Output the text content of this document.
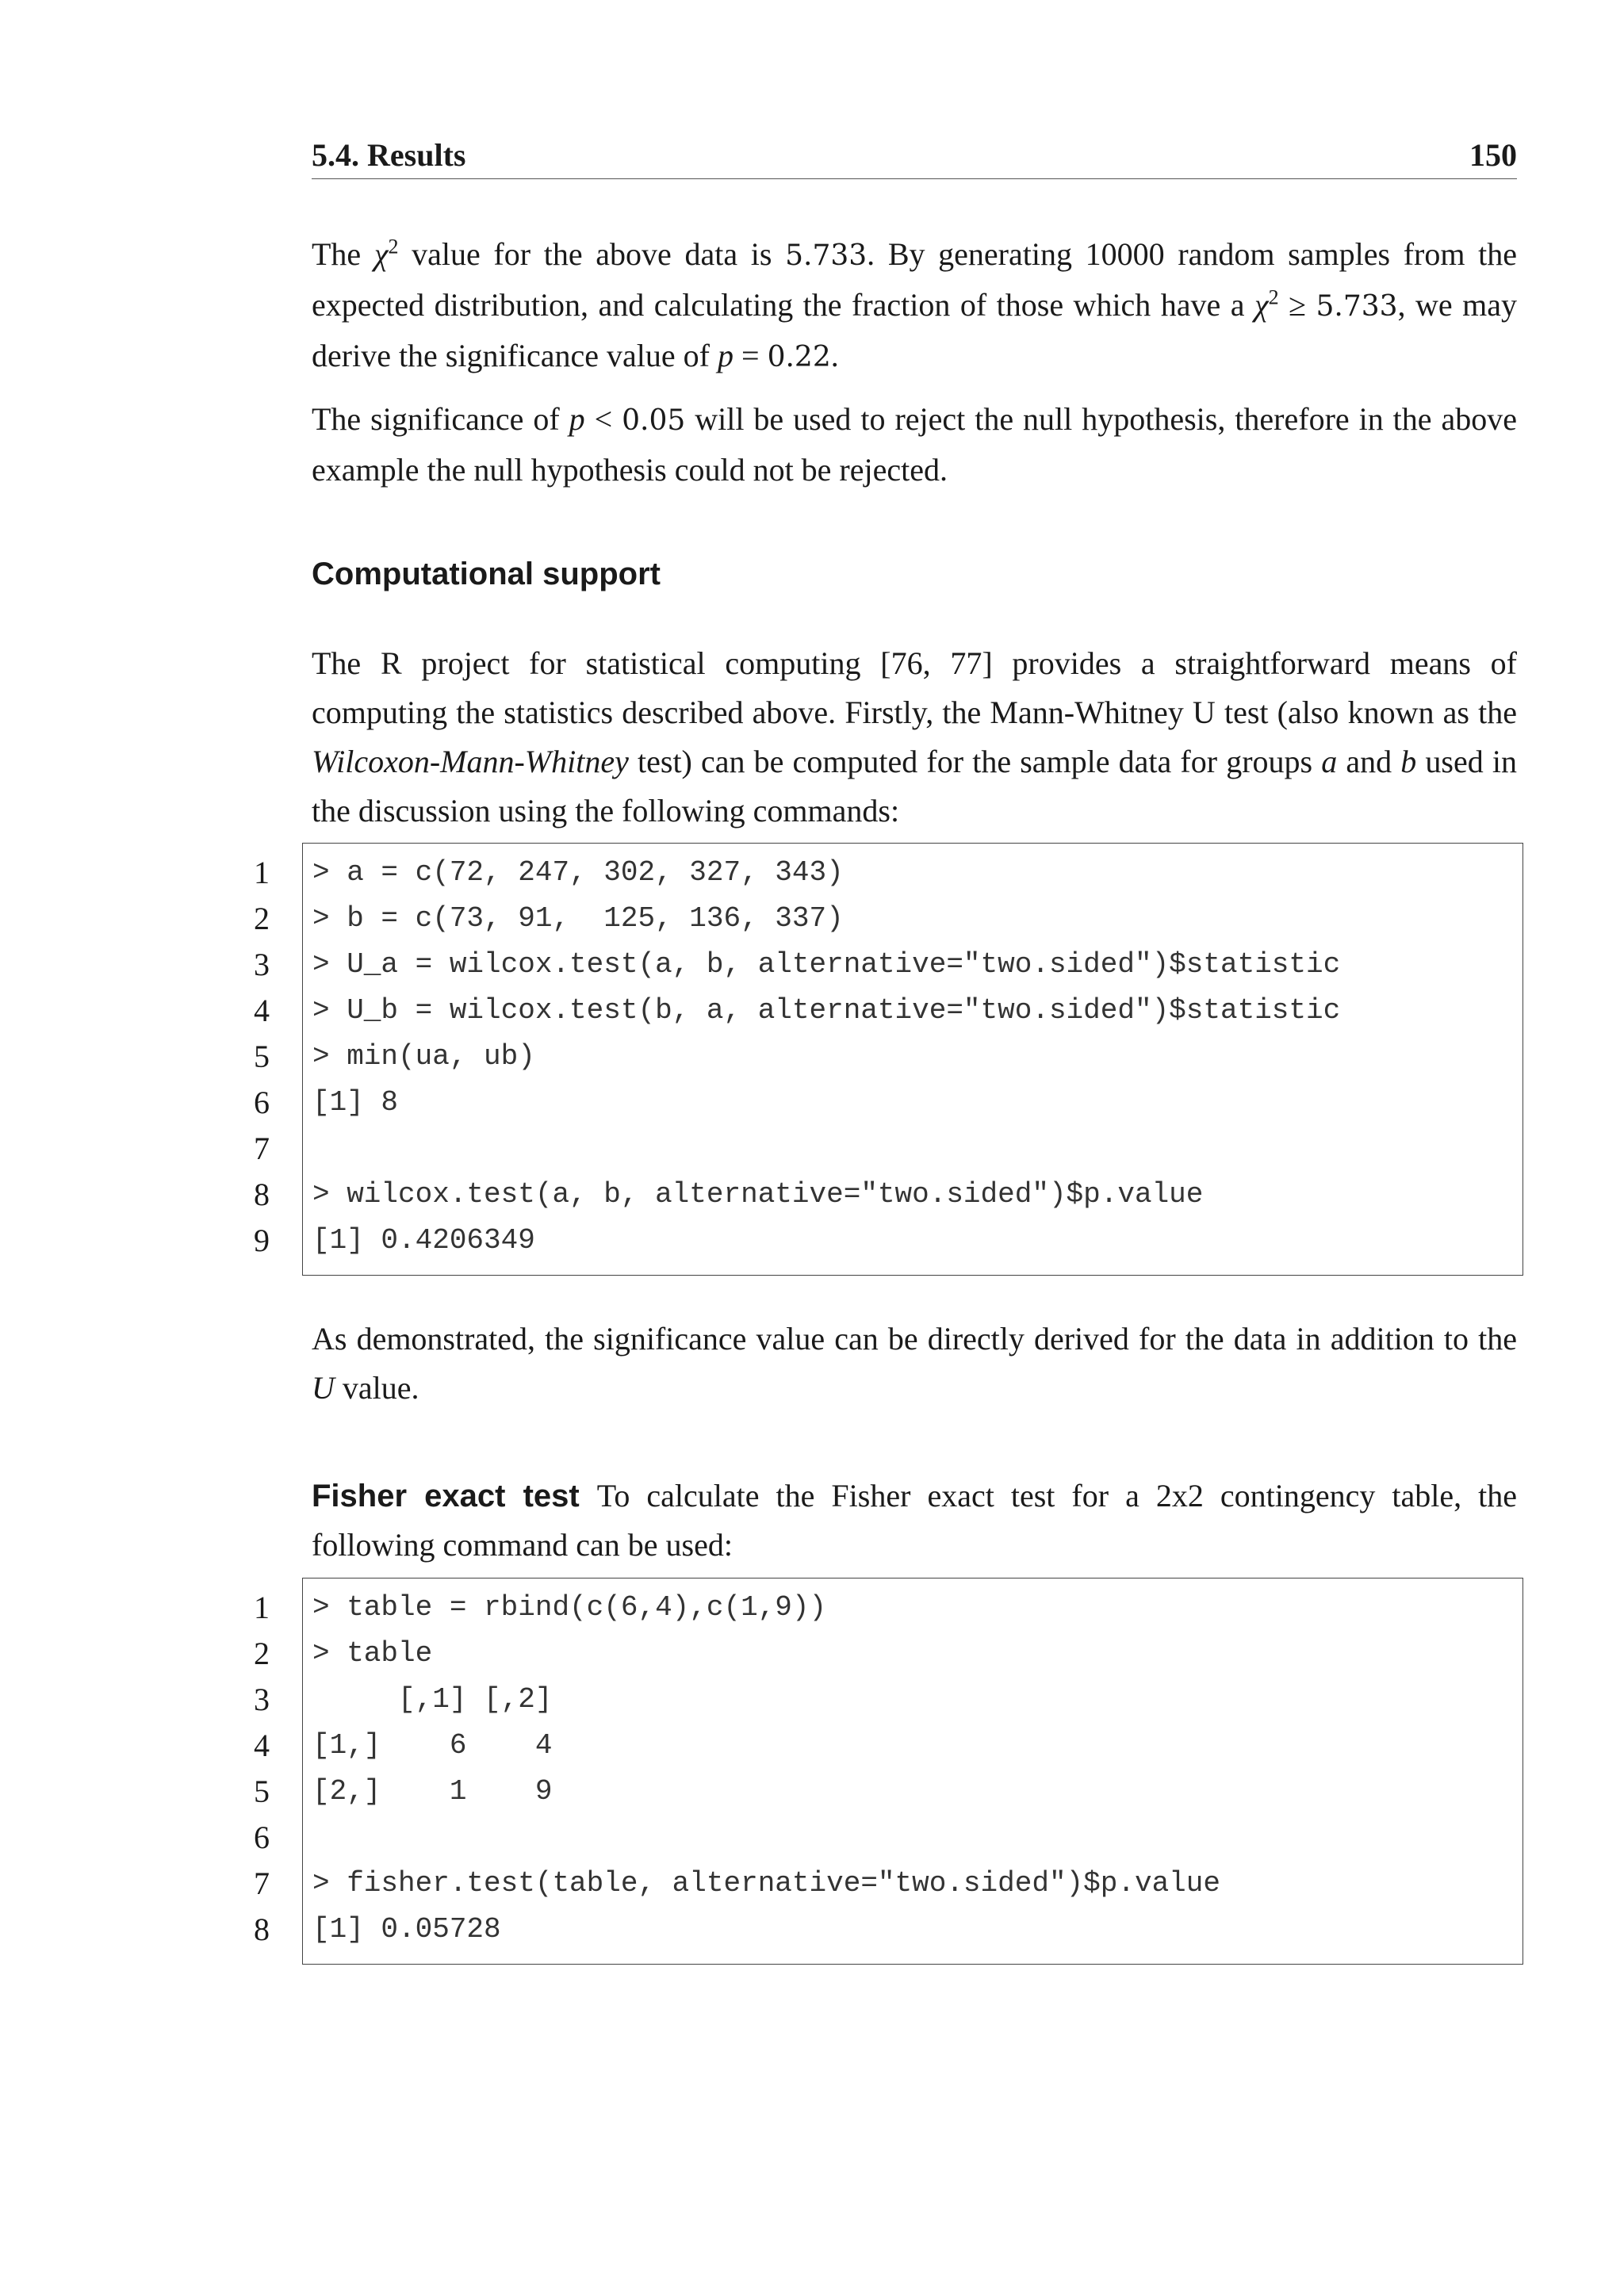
5.4. Results	150

The $\chi^2$ value for the above data is 5.733. By generating 10000 random samples from the expected distribution, and calculating the fraction of those which have a $\chi^2 \ge 5.733$, we may derive the significance value of p = 0.22.

The significance of p < 0.05 will be used to reject the null hypothesis, therefore in the above example the null hypothesis could not be rejected.

Computational support

The R project for statistical computing [76, 77] provides a straightforward means of computing the statistics described above. Firstly, the Mann-Whitney U test (also known as the Wilcoxon-Mann-Whitney test) can be computed for the sample data for groups a and b used in the discussion using the following commands:

1 > a = c(72, 247, 302, 327, 343)
2 > b = c(73, 91,  125, 136, 337)
3 > U_a = wilcox.test(a, b, alternative="two.sided")$statistic
4 > U_b = wilcox.test(b, a, alternative="two.sided")$statistic
5 > min(ua, ub)
6 [1] 8
7
8 > wilcox.test(a, b, alternative="two.sided")$p.value
9 [1] 0.4206349

As demonstrated, the significance value can be directly derived for the data in addition to the U value.

Fisher exact test To calculate the Fisher exact test for a 2x2 contingency table, the following command can be used:

1 > table = rbind(c(6,4),c(1,9))
2 > table
3 [,1] [,2]
4 [1,]    6    4
5 [2,]    1    9
6
7 > fisher.test(table, alternative="two.sided")$p.value
8 [1] 0.05728
